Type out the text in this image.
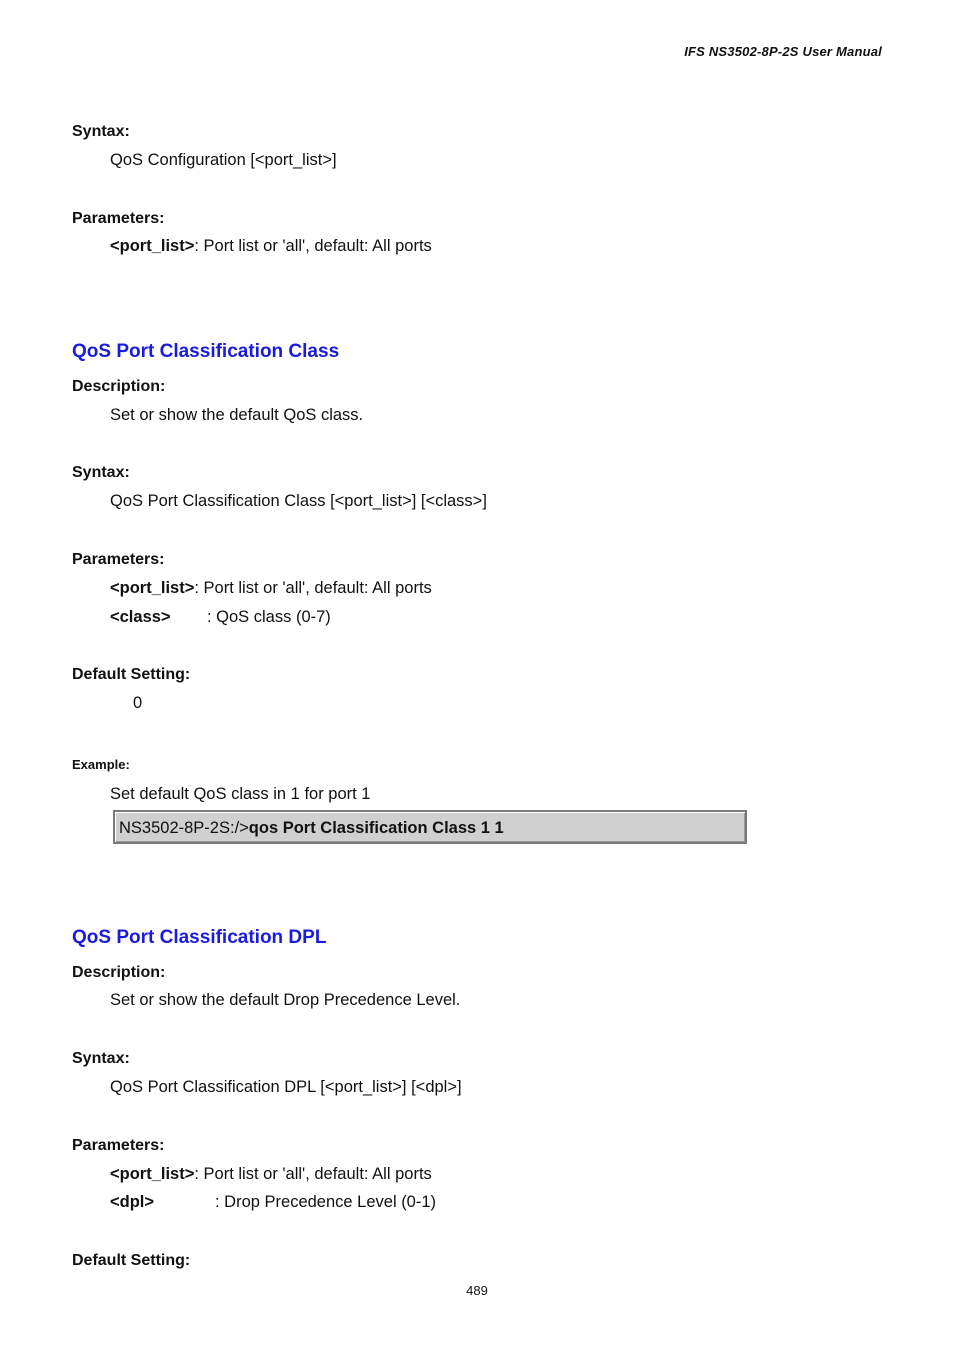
IFS NS3502-8P-2S User Manual
Syntax:
QoS Configuration [<port_list>]
Parameters:
<port_list>: Port list or 'all', default: All ports
QoS Port Classification Class
Description:
Set or show the default QoS class.
Syntax:
QoS Port Classification Class [<port_list>] [<class>]
Parameters:
<port_list>: Port list or 'all', default: All ports
<class> : QoS class (0-7)
Default Setting:
0
Example:
Set default QoS class in 1 for port 1
NS3502-8P-2S:/>qos Port Classification Class 1 1
QoS Port Classification DPL
Description:
Set or show the default Drop Precedence Level.
Syntax:
QoS Port Classification DPL [<port_list>] [<dpl>]
Parameters:
<port_list>: Port list or 'all', default: All ports
<dpl>	: Drop Precedence Level (0-1)
Default Setting:
489
